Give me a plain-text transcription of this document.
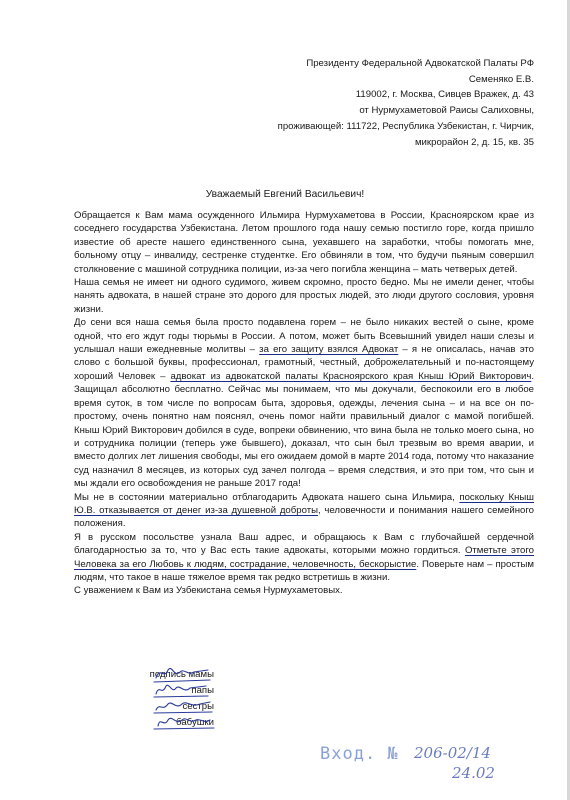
Президенту Федеральной Адвокатской Палаты РФ
Семеняко Е.В.
119002, г. Москва, Сивцев Вражек, д. 43
от Нурмухаметовой Раисы Салиховны,
проживающей: 111722, Республика Узбекистан, г. Чирчик,
микрорайон 2, д. 15, кв. 35
Уважаемый Евгений Васильевич!

Обращается к Вам мама осужденного Ильмира Нурмухаметова в России, Красноярском крае из соседнего государства Узбекистана. Летом прошлого года нашу семью постигло горе, когда пришло известие об аресте нашего единственного сына, уехавшего на заработки, чтобы помогать мне, больному отцу – инвалиду, сестренке студентке. Его обвиняли в том, что будучи пьяным совершил столкновение с машиной сотрудника полиции, из-за чего погибла женщина – мать четверых детей.

Наша семья не имеет ни одного судимого, живем скромно, просто бедно. Мы не имели денег, чтобы нанять адвоката, в нашей стране это дорого для простых людей, это люди другого сословия, уровня жизни.

До сени вся наша семья была просто подавлена горем – не было никаких вестей о сыне, кроме одной, что его ждут годы тюрьмы в России. А потом, может быть Всевышний увидел наши слезы и услышал наши ежедневные молитвы – за его защиту взялся Адвокат – я не описалась, начав это слово с большой буквы, профессионал, грамотный, честный, доброжелательный и по-настоящему хороший Человек – адвокат из адвокатской палаты Красноярского края Кныш Юрий Викторович. Защищал абсолютно бесплатно. Сейчас мы понимаем, что мы докучали, беспокоили его в любое время суток, в том числе по вопросам быта, здоровья, одежды, лечения сына – и на все он по-простому, очень понятно нам пояснял, очень помог найти правильный диалог с мамой погибшей. Кныш Юрий Викторович добился в суде, вопреки обвинению, что вина была не только моего сына, но и сотрудника полиции (теперь уже бывшего), доказал, что сын был трезвым во время аварии, и вместо долгих лет лишения свободы, мы его ожидаем домой в марте 2014 года, потому что наказание суд назначил 8 месяцев, из которых суд зачел полгода – время следствия, и это при том, что сын и мы ждали его освобождения не раньше 2017 года!

Мы не в состоянии материально отблагодарить Адвоката нашего сына Ильмира, поскольку Кныш Ю.В. отказывается от денег из-за душевной доброты, человечности и понимания нашего семейного положения.

Я в русском посольстве узнала Ваш адрес, и обращаюсь к Вам с глубочайшей сердечной благодарностью за то, что у Вас есть такие адвокаты, которыми можно гордиться. Отметьте этого Человека за его Любовь к людям, сострадание, человечность, бескорыстие. Поверьте нам – простым людям, что такое в наше тяжелое время так редко встретишь в жизни.

С уважением к Вам из Узбекистана семья Нурмухаметовых.

подпись мамы
папы
сестры
бабушки
Вход. № 206-02/14
24.02
